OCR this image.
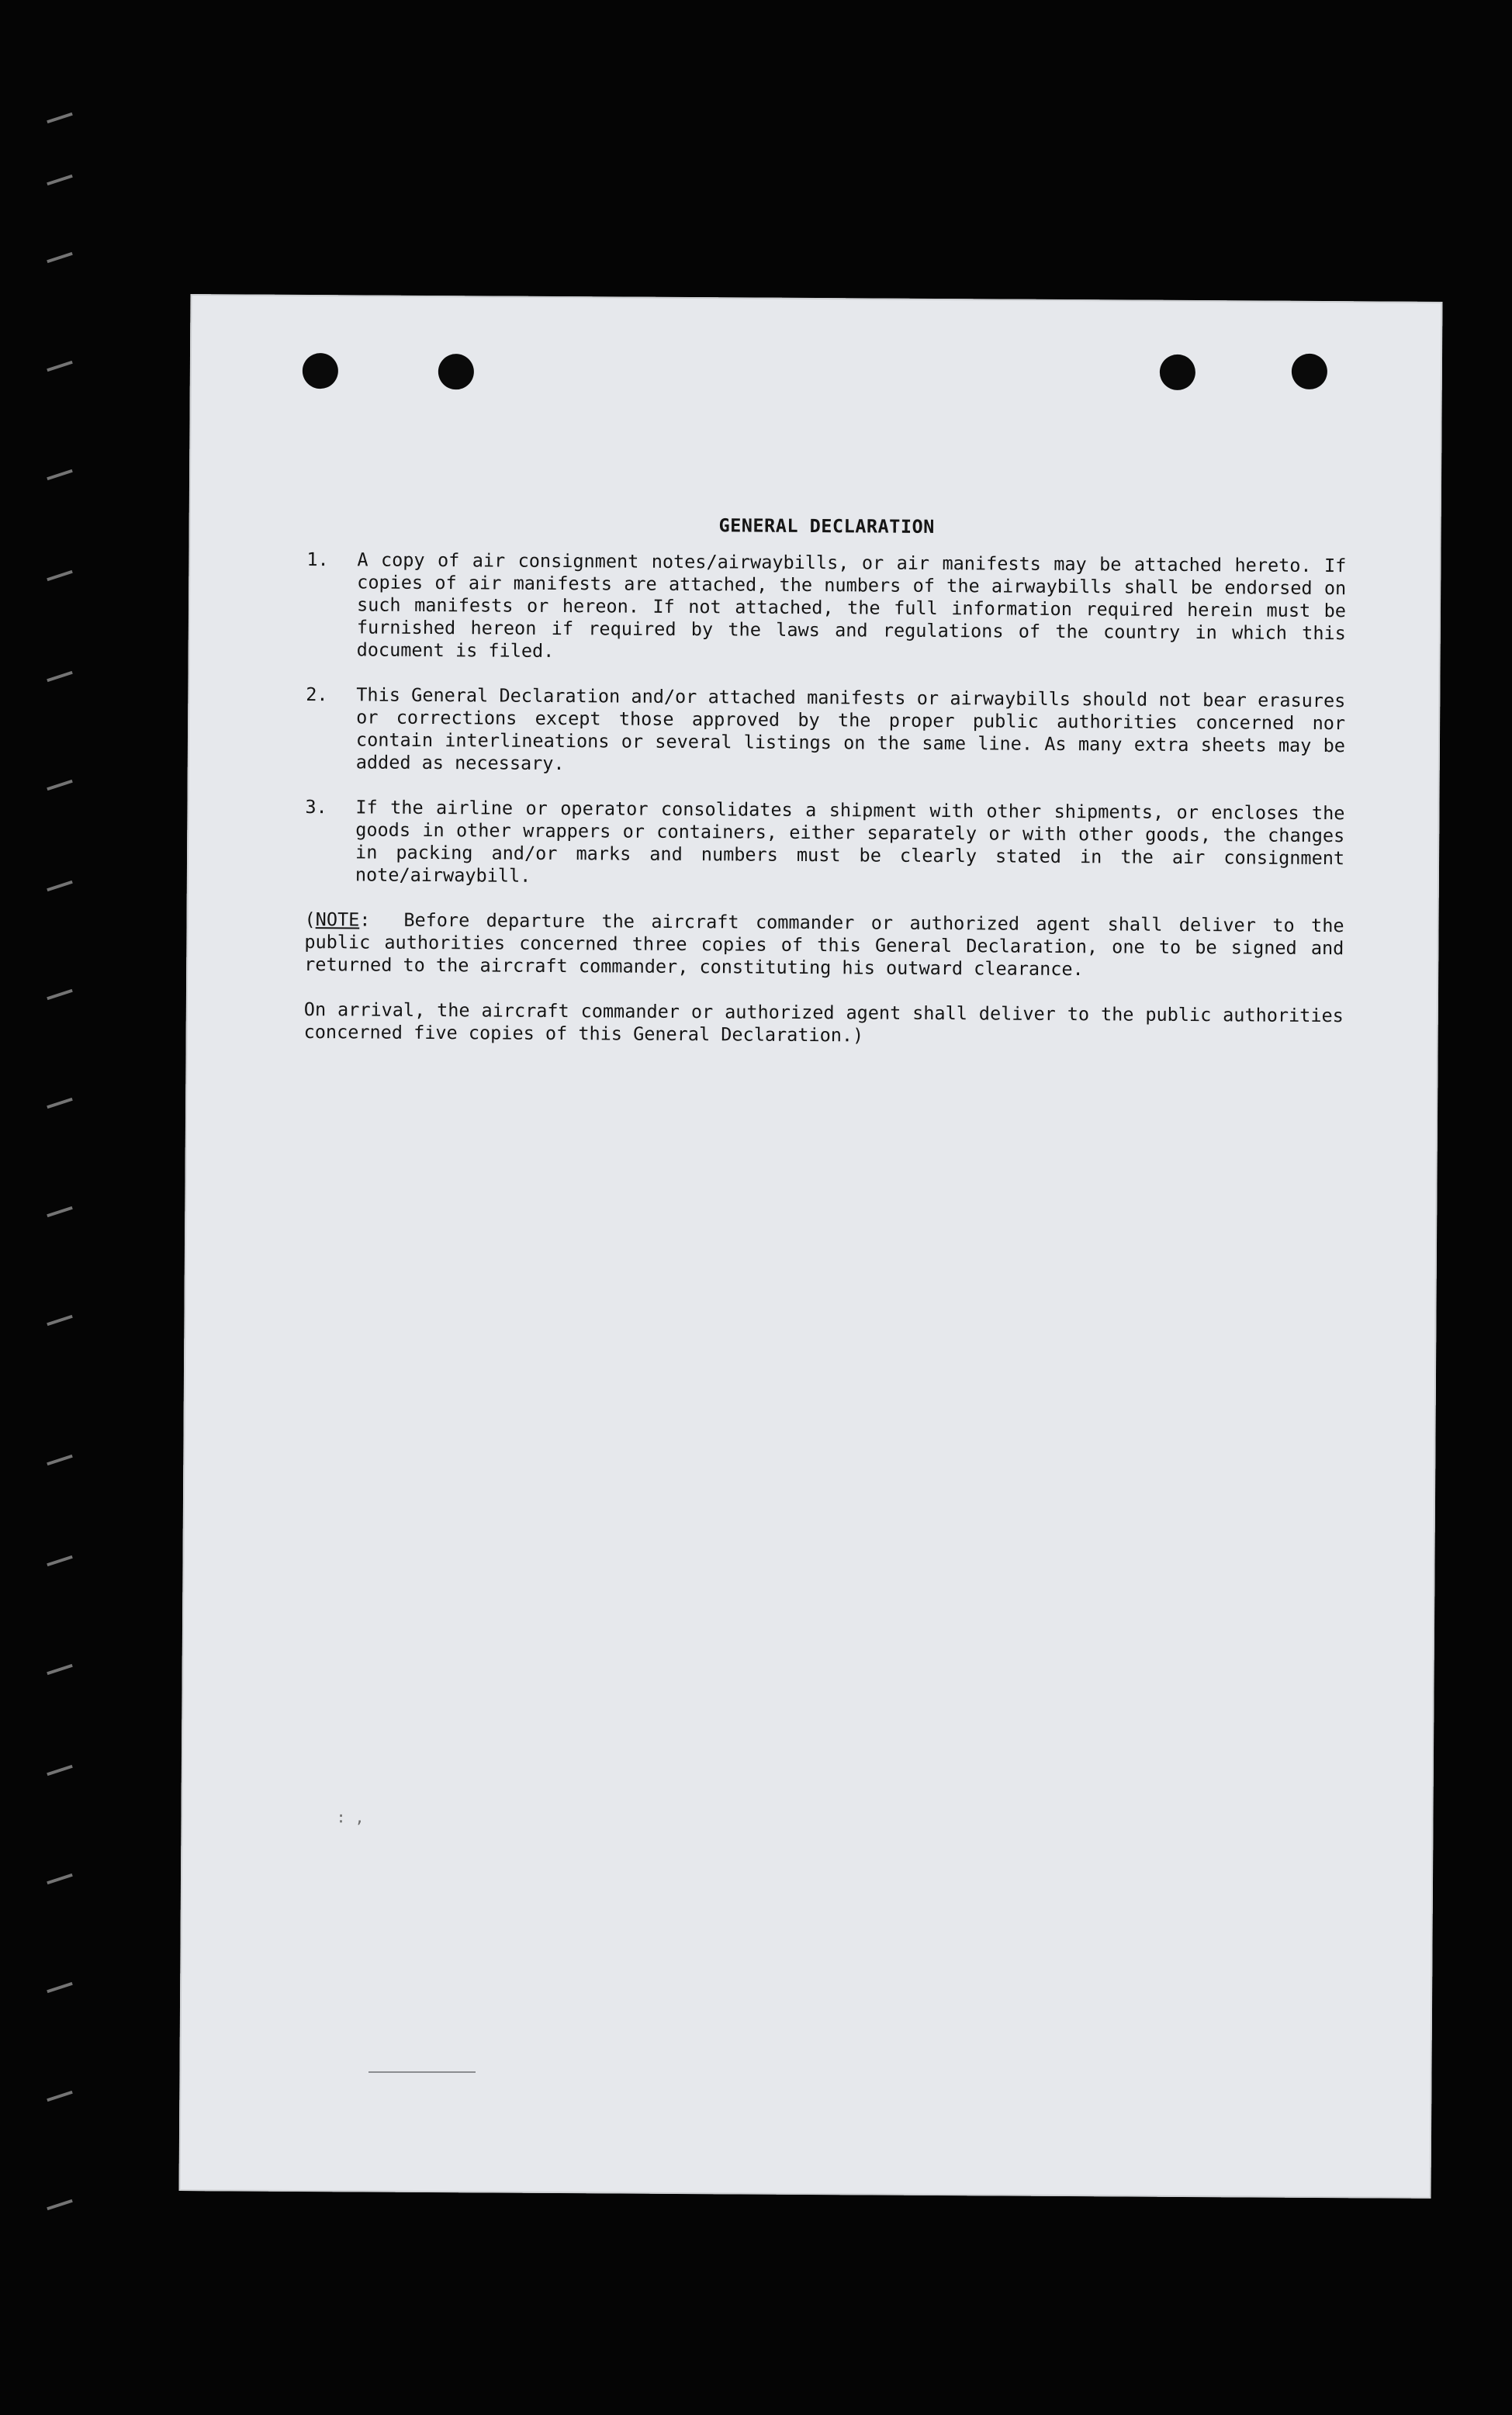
GENERAL DECLARATION
1.	A copy of air consignment notes/airwaybills, or air manifests may be attached hereto. If copies of air manifests are attached, the numbers of the airwaybills shall be endorsed on such manifests or hereon. If not attached, the full information required herein must be furnished hereon if required by the laws and regulations of the country in which this document is filed.
2.	This General Declaration and/or attached manifests or airwaybills should not bear erasures or corrections except those approved by the proper public authorities concerned nor contain interlineations or several listings on the same line. As many extra sheets may be added as necessary.
3.	If the airline or operator consolidates a shipment with other shipments, or encloses the goods in other wrappers or containers, either separately or with other goods, the changes in packing and/or marks and numbers must be clearly stated in the air consignment note/airwaybill.

(NOTE: Before departure the aircraft commander or authorized agent shall deliver to the public authorities concerned three copies of this General Declaration, one to be signed and returned to the aircraft commander, constituting his outward clearance.

On arrival, the aircraft commander or authorized agent shall deliver to the public authorities concerned five copies of this General Declaration.)

: ,
